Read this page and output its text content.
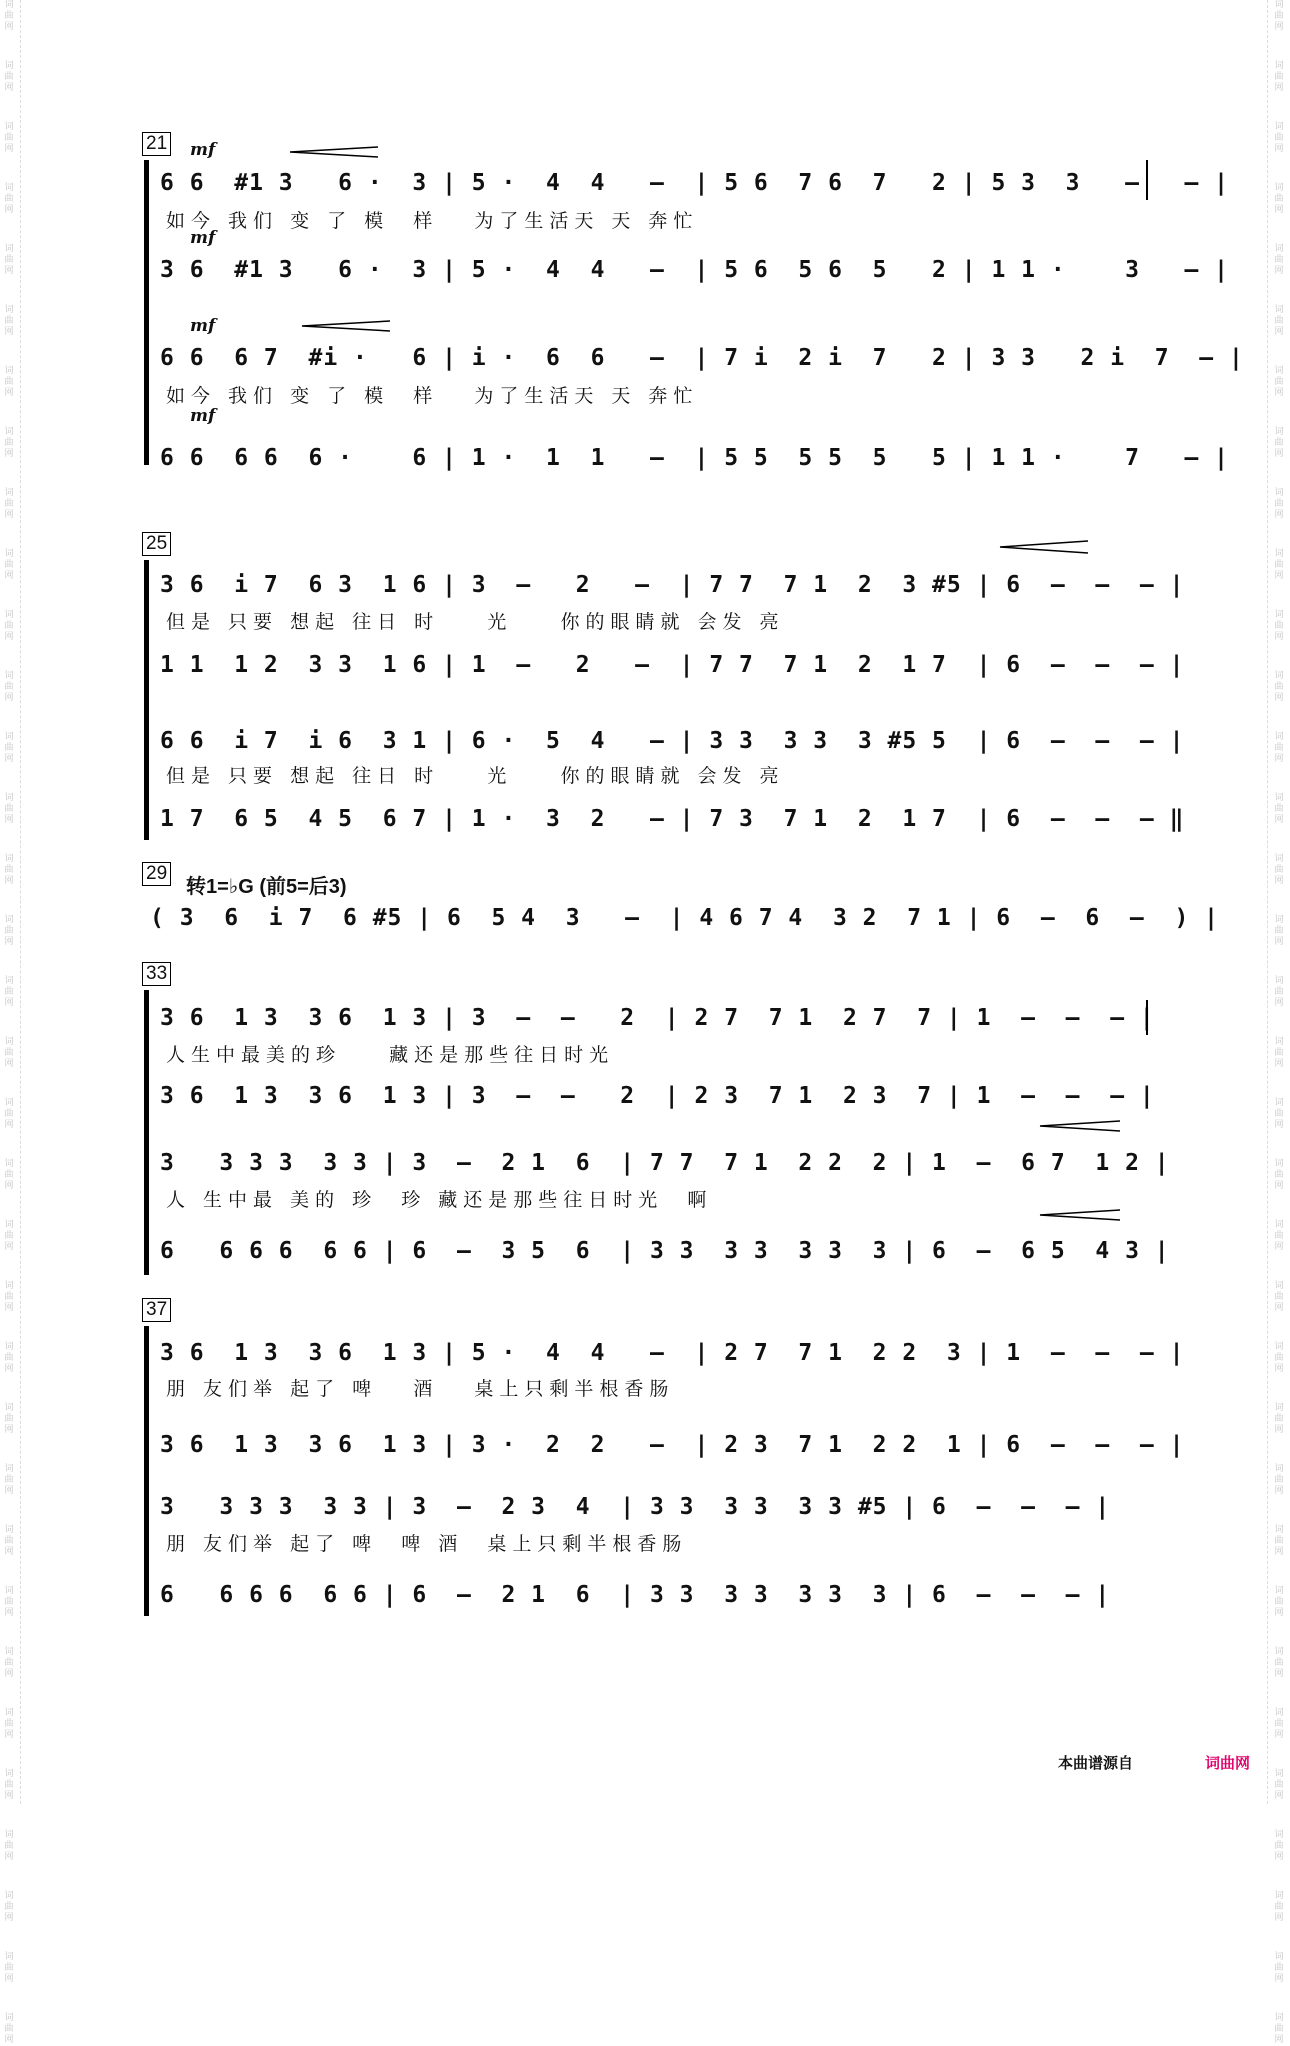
词
曲
网
词
曲
网
词
曲
网
词
曲
网
词
曲
网
词
曲
网
词
曲
网
词
曲
网
词
曲
网
词
曲
网
词
曲
网
词
曲
网
词
曲
网
词
曲
网
词
曲
网
词
曲
网
词
曲
网
词
曲
网
词
曲
网
词
曲
网
词
曲
网
词
曲
网
词
曲
网
词
曲
网
词
曲
网
词
曲
网
词
曲
网
词
曲
网
词
曲
网
词
曲
网
词
曲
网
词
曲
网
词
曲
网
词
曲
网
词
曲
网
词
曲
网
词
曲
网
词
曲
网
词
曲
网
词
曲
网
词
曲
网
词
曲
网
词
曲
网
词
曲
网
词
曲
网
词
曲
网
词
曲
网
词
曲
网
词
曲
网
词
曲
网
词
曲
网
词
曲
网
词
曲
网
词
曲
网
词
曲
网
词
曲
网
词
曲
网
词
曲
网
词
曲
网
词
曲
网
词
曲
网
词
曲
网
词
曲
网
词
曲
网
词
曲
网
词
曲
网
词
曲
网
词
曲
网
21 mf
6 6  #1 3   6 ·  3 | 5 ·  4  4   –  | 5 6  7 6  7   2 | 5 3  3   –   – |
如今 我们 变 了 模  样   为了生活天 天 奔忙
mf
3 6  #1 3   6 ·  3 | 5 ·  4  4   –  | 5 6  5 6  5   2 | 1 1 ·    3   – |
mf
6 6  6 7  #i ·   6 | i ·  6  6   –  | 7 i  2 i  7   2 | 3 3   2 i  7  – |
如今 我们 变 了 模  样   为了生活天 天 奔忙
mf
6 6  6 6  6 ·    6 | 1 ·  1  1   –  | 5 5  5 5  5   5 | 1 1 ·    7   – |
25
3 6  i 7  6 3  1 6 | 3  –   2   –  | 7 7  7 1  2  3 #5 | 6  –  –  – |
但是 只要 想起 往日 时    光    你的眼睛就 会发 亮
1 1  1 2  3 3  1 6 | 1  –   2   –  | 7 7  7 1  2  1 7  | 6  –  –  – |
6 6  i 7  i 6  3 1 | 6 ·  5  4   – | 3 3  3 3  3 #5 5  | 6  –  –  – |
但是 只要 想起 往日 时    光    你的眼睛就 会发 亮
1 7  6 5  4 5  6 7 | 1 ·  3  2   – | 7 3  7 1  2  1 7  | 6  –  –  – ‖
29
转1=♭G (前5=后3)
( 3  6  i 7  6 #5 | 6  5 4  3   –  | 4 6 7 4  3 2  7 1 | 6  –  6  –  ) |
33
3 6  1 3  3 6  1 3 | 3  –  –   2  | 2 7  7 1  2 7  7 | 1  –  –  – |
人生中最美的珍    藏还是那些往日时光
3 6  1 3  3 6  1 3 | 3  –  –   2  | 2 3  7 1  2 3  7 | 1  –  –  – |
3   3 3 3  3 3 | 3  –  2 1  6  | 7 7  7 1  2 2  2 | 1  –  6 7  1 2 |
人 生中最 美的 珍  珍 藏还是那些往日时光  啊
6   6 6 6  6 6 | 6  –  3 5  6  | 3 3  3 3  3 3  3 | 6  –  6 5  4 3 |
37
3 6  1 3  3 6  1 3 | 5 ·  4  4   –  | 2 7  7 1  2 2  3 | 1  –  –  – |
朋 友们举 起了 啤   酒   桌上只剩半根香肠
3 6  1 3  3 6  1 3 | 3 ·  2  2   –  | 2 3  7 1  2 2  1 | 6  –  –  – |
3   3 3 3  3 3 | 3  –  2 3  4  | 3 3  3 3  3 3 #5 | 6  –  –  – |
朋 友们举 起了 啤  啤 酒  桌上只剩半根香肠
6   6 6 6  6 6 | 6  –  2 1  6  | 3 3  3 3  3 3  3 | 6  –  –  – |
本曲谱源自	词曲网
